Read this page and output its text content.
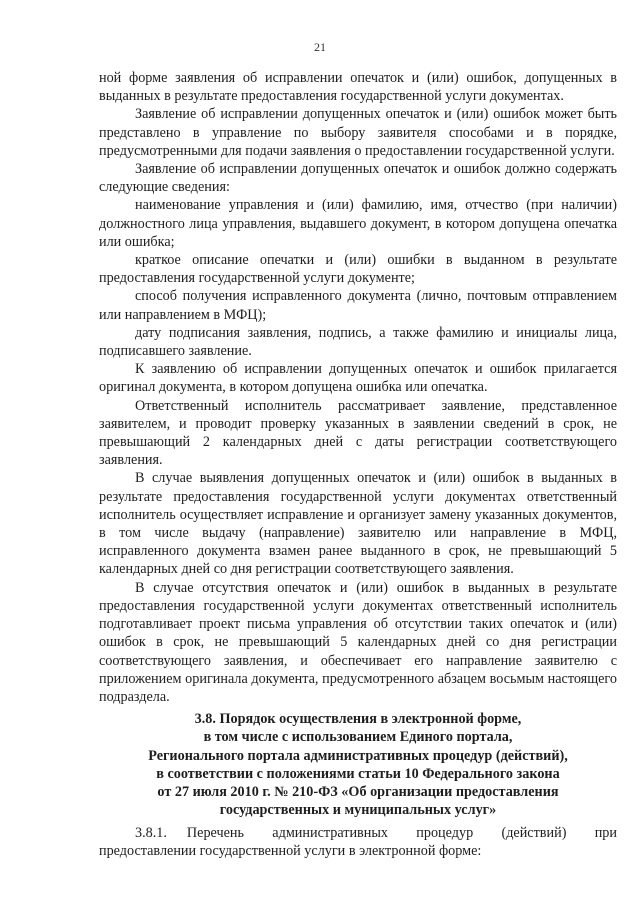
21

ной форме заявления об исправлении опечаток и (или) ошибок, допущенных в выданных в результате предоставления государственной услуги документах.

Заявление об исправлении допущенных опечаток и (или) ошибок может быть представлено в управление по выбору заявителя способами и в порядке, предусмотренными для подачи заявления о предоставлении государственной услуги.

Заявление об исправлении допущенных опечаток и ошибок должно содержать следующие сведения:

наименование управления и (или) фамилию, имя, отчество (при наличии) должностного лица управления, выдавшего документ, в котором допущена опечатка или ошибка;

краткое описание опечатки и (или) ошибки в выданном в результате предоставления государственной услуги документе;

способ получения исправленного документа (лично, почтовым отправлением или направлением в МФЦ);

дату подписания заявления, подпись, а также фамилию и инициалы лица, подписавшего заявление.

К заявлению об исправлении допущенных опечаток и ошибок прилагается оригинал документа, в котором допущена ошибка или опечатка.

Ответственный исполнитель рассматривает заявление, представленное заявителем, и проводит проверку указанных в заявлении сведений в срок, не превышающий 2 календарных дней с даты регистрации соответствующего заявления.

В случае выявления допущенных опечаток и (или) ошибок в выданных в результате предоставления государственной услуги документах ответственный исполнитель осуществляет исправление и организует замену указанных документов, в том числе выдачу (направление) заявителю или направление в МФЦ, исправленного документа взамен ранее выданного в срок, не превышающий 5 календарных дней со дня регистрации соответствующего заявления.

В случае отсутствия опечаток и (или) ошибок в выданных в результате предоставления государственной услуги документах ответственный исполнитель подготавливает проект письма управления об отсутствии таких опечаток и (или) ошибок в срок, не превышающий 5 календарных дней со дня регистрации соответствующего заявления, и обеспечивает его направление заявителю с приложением оригинала документа, предусмотренного абзацем восьмым настоящего подраздела.

3.8. Порядок осуществления в электронной форме,
в том числе с использованием Единого портала,
Регионального портала административных процедур (действий),
в соответствии с положениями статьи 10 Федерального закона
от 27 июля 2010 г. № 210-ФЗ «Об организации предоставления
государственных и муниципальных услуг»

3.8.1. Перечень административных процедур (действий) при предоставлении государственной услуги в электронной форме:
